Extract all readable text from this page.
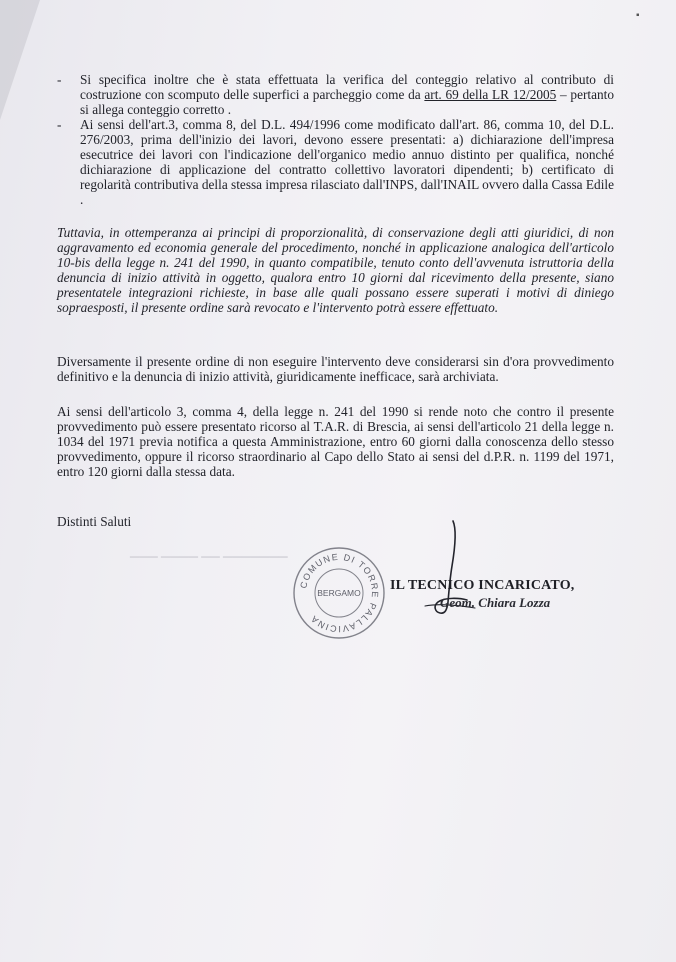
▪
- Si specifica inoltre che è stata effettuata la verifica del conteggio relativo al contributo di costruzione con scomputo delle superfici a parcheggio come da art. 69 della LR 12/2005 – pertanto si allega conteggio corretto .
- Ai sensi dell'art.3, comma 8, del D.L. 494/1996 come modificato dall'art. 86, comma 10, del D.L. 276/2003, prima dell'inizio dei lavori, devono essere presentati: a) dichiarazione dell'impresa esecutrice dei lavori con l'indicazione dell'organico medio annuo distinto per qualifica, nonché dichiarazione di applicazione del contratto collettivo lavoratori dipendenti; b) certificato di regolarità contributiva della stessa impresa rilasciato dall'INPS, dall'INAIL ovvero dalla Cassa Edile .

Tuttavia, in ottemperanza ai principi di proporzionalità, di conservazione degli atti giuridici, di non aggravamento ed economia generale del procedimento, nonché in applicazione analogica dell'articolo 10-bis della legge n. 241 del 1990, in quanto compatibile, tenuto conto dell'avvenuta istruttoria della denuncia di inizio attività in oggetto, qualora entro 10 giorni dal ricevimento della presente, siano presentatele integrazioni richieste, in base alle quali possano essere superati i motivi di diniego sopraesposti, il presente ordine sarà revocato e l'intervento potrà essere effettuato.

Diversamente il presente ordine di non eseguire l'intervento deve considerarsi sin d'ora provvedimento definitivo e la denuncia di inizio attività, giuridicamente inefficace, sarà archiviata.

Ai sensi dell'articolo 3, comma 4, della legge n. 241 del 1990 si rende noto che contro il presente provvedimento può essere presentato ricorso al T.A.R. di Brescia, ai sensi dell'articolo 21 della legge n. 1034 del 1971 previa notifica a questa Amministrazione, entro 60 giorni dalla conoscenza dello stesso provvedimento, oppure il ricorso straordinario al Capo dello Stato ai sensi del d.P.R. n. 1199 del 1971, entro 120 giorni dalla stessa data.

Distinti Saluti

▁▁▁ ▁▁▁▁ ▁▁ ▁▁▁▁▁▁▁
COMUNE DI TORRE PALLAVICINA
BERGAMO IL TECNICO INCARICATO,
Geom. Chiara Lozza
